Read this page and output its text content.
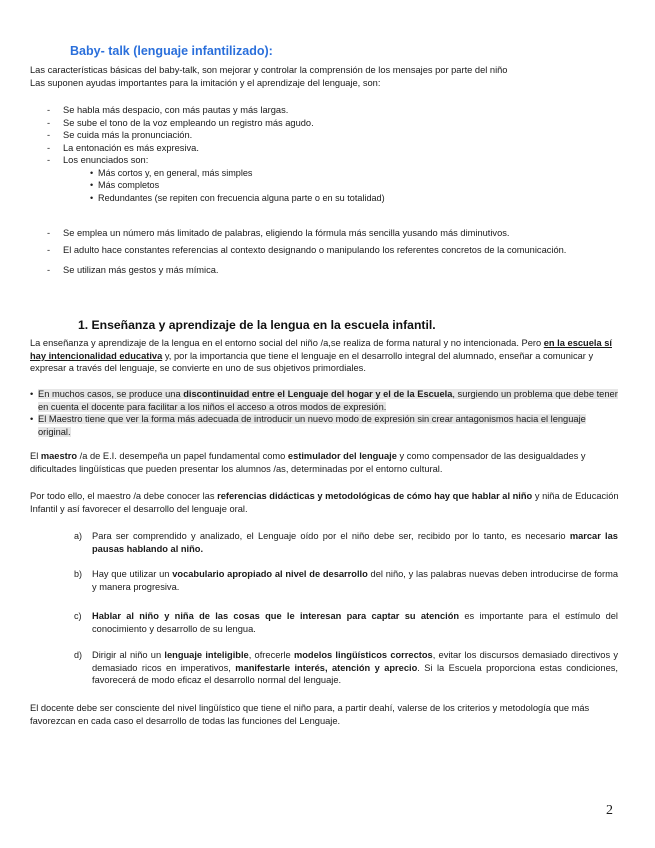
Baby- talk (lenguaje infantilizado):
Las características básicas del baby-talk, son mejorar y controlar la comprensión de los mensajes por parte del niño
Las suponen ayudas importantes para la imitación y el aprendizaje del lenguaje, son:
- Se habla más despacio, con más pautas y más largas.
- Se sube el tono de la voz empleando un registro más agudo.
- Se cuida más la pronunciación.
- La entonación es más expresiva.
- Los enunciados son:
• Más cortos y, en general, más simples
• Más completos
• Redundantes (se repiten con frecuencia alguna parte o en su totalidad)
- Se emplea un número más limitado de palabras, eligiendo la fórmula más sencilla yusando más diminutivos.
- El adulto hace constantes referencias al contexto designando o manipulando los referentes concretos de la comunicación.
- Se utilizan más gestos y más mímica.
1. Enseñanza y aprendizaje de la lengua en la escuela infantil.
La enseñanza y aprendizaje de la lengua en el entorno social del niño /a,se realiza de forma natural y no intencionada. Pero en la escuela sí hay intencionalidad educativa y, por la importancia que tiene el lenguaje en el desarrollo integral del alumnado, enseñar a comunicar y expresar a través del lenguaje, se convierte en uno de sus objetivos primordiales.
• En muchos casos, se produce una discontinuidad entre el Lenguaje del hogar y el de la Escuela, surgiendo un problema que debe tener en cuenta el docente para facilitar a los niños el acceso a otros modos de expresión.
• El Maestro tiene que ver la forma más adecuada de introducir un nuevo modo de expresión sin crear antagonismos hacia el lenguaje original.
El maestro /a de E.I. desempeña un papel fundamental como estimulador del lenguaje y como compensador de las desigualdades y dificultades lingüísticas que pueden presentar los alumnos /as, determinadas por el entorno cultural.
Por todo ello, el maestro /a debe conocer las referencias didácticas y metodológicas de cómo hay que hablar al niño y niña de Educación Infantil y así favorecer el desarrollo del lenguaje oral.
a) Para ser comprendido y analizado, el Lenguaje oído por el niño debe ser, recibido por lo tanto, es necesario marcar las pausas hablando al niño.
b) Hay que utilizar un vocabulario apropiado al nivel de desarrollo del niño, y las palabras nuevas deben introducirse de forma y manera progresiva.
c) Hablar al niño y niña de las cosas que le interesan para captar su atención es importante para el estímulo del conocimiento y desarrollo de su lengua.
d) Dirigir al niño un lenguaje inteligible, ofrecerle modelos lingüísticos correctos, evitar los discursos demasiado directivos y demasiado ricos en imperativos, manifestarle interés, atención y aprecio. Si la Escuela proporciona estas condiciones, favorecerá de modo eficaz el desarrollo normal del lenguaje.
El docente debe ser consciente del nivel lingüístico que tiene el niño para, a partir deahí, valerse de los criterios y metodología que más favorezcan en cada caso el desarrollo de todas las funciones del Lenguaje.
2
